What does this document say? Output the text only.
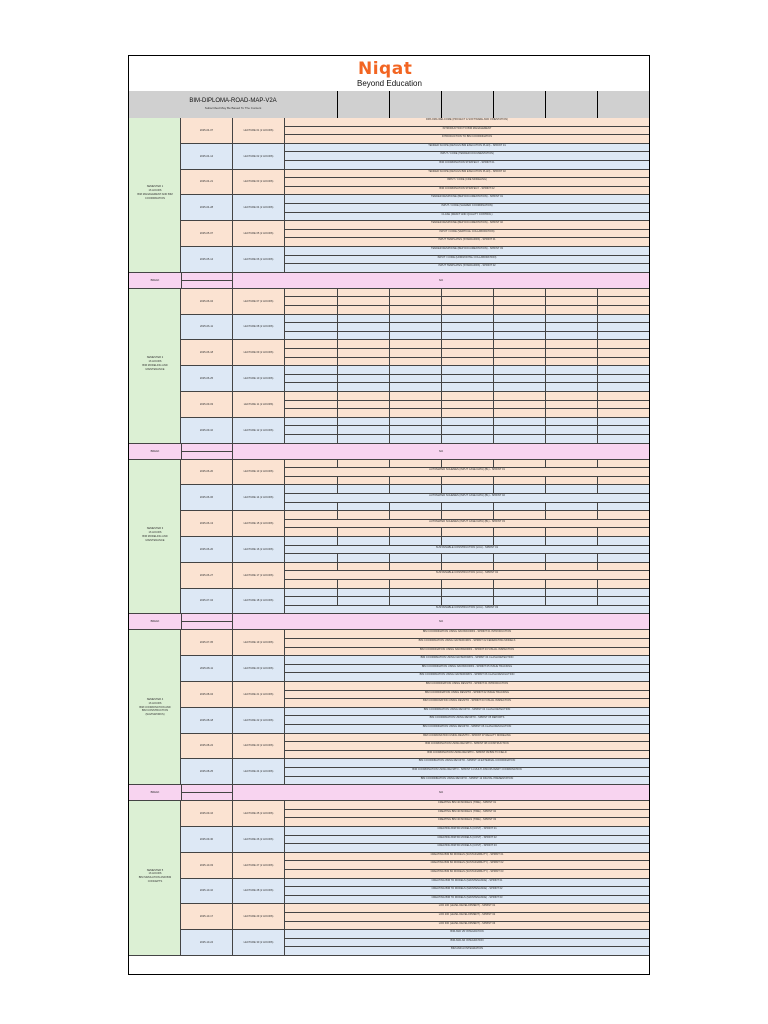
Niqat
Beyond Education
BIM-DIPLOMA-ROAD-MAP-V2A
Subscribed May Be Based To The Content
SEMESTER 1
16 HOURS
BIM MANAGEMENT AND BIM COORDINATION
2025-04-07	LECTURE 01 (2 HOURS)
DIPLOMA WELCOME (PROJECT & SOFTWARE AND ORIENTATION)
INTRODUCTION TO BIM MANAGEMENT
INTRODUCTION TO BIM COORDINATION
2025-04-14	LECTURE 02 (2 HOURS)
TENDER SCOPE (DETAILS BIM EXECUTION PLAN) - SPRINT 01
INPUT / CODE (TENDER DOCUMENTATION)
BIM COORDINATION STRATEGY - SPRINT 01
2025-04-21	LECTURE 03 (2 HOURS)
TENDER SCOPE (DETAILS BIM EXECUTION PLAN) - SPRINT 02
INPUT / CODE (CDE MODELING)
BIM COORDINATION STRATEGY - SPRINT 02
2025-04-28	LECTURE 04 (2 HOURS)
TENDER RESPONSE (BEP DOCUMENTATION) - SPRINT 01
INPUT / CODE (SHARED COORDINATION)
CLASH (DRAFT AND QUALITY CONTROL)
2025-05-07	LECTURE 05 (2 HOURS)
TENDER RESPONSE (BEP DOCUMENTATION) - SPRINT 02
INPUT / CODE (VERTICAL COLLABORATION)
INPUT TEMPLATES (STANDARDS) - SPRINT 01
2025-05-14	LECTURE 06 (2 HOURS)
TENDER RESPONSE (BEP DOCUMENTATION) - SPRINT 03
INPUT / CODE (HORIZONTAL COLLABORATION)
INPUT TEMPLATES (STANDARDS) - SPRINT 02
BREAK	N/A
SEMESTER 2
16 HOURS
BIM MODELING AND MAINTENANCE
2025-06-04	LECTURE 07 (2 HOURS)
2025-06-11	LECTURE 08 (2 HOURS)
2025-06-18	LECTURE 09 (2 HOURS)
2025-06-25	LECTURE 10 (2 HOURS)
2025-09-03	LECTURE 11 (2 HOURS)
2025-09-10	LECTURE 12 (2 HOURS)
BREAK	N/A
SEMESTER 3
16 HOURS
BIM MODELING AND MAINTENANCE
2025-06-20	LECTURE 13 (2 HOURS)
AUTOMATED SCHEMES (INPUT CASE DATA) (BL) - SPRINT 01
2025-06-06	LECTURE 14 (2 HOURS)
AUTOMATED SCHEMES (INPUT CASE DATA) (BL) - SPRINT 02
2025-06-13	LECTURE 15 (2 HOURS)
AUTOMATED SCHEMES (INPUT CASE DATA) (BL) - SPRINT 03
2025-06-20	LECTURE 16 (2 HOURS)
SUSTAINABLE CONSTRUCTION (LCA) - SPRINT 01
2025-06-27	LECTURE 17 (2 HOURS)
SUSTAINABLE CONSTRUCTION (LCA) - SPRINT 02
2025-07-04	LECTURE 18 (2 HOURS)
SUSTAINABLE CONSTRUCTION (LCA) - SPRINT 03
BREAK	N/A
SEMESTER 4
16 HOURS
BIM COORDINATION AND BIM CONSTRUCTION (NAVISWORKS)
2025-07-05	LECTURE 19 (2 HOURS)
BIM COORDINATION USING NAVISWORKS - SPRINT 01 INTRODUCTION
BIM COORDINATION USING NAVISWORKS - SPRINT 02 FEDERATING MODELS
BIM COORDINATION USING NAVISWORKS - SPRINT 03 VISUAL INSPECTION
2025-08-11	LECTURE 20 (2 HOURS)
BIM COORDINATION USING NAVISWORKS - SPRINT 04 CLASH DETECTION
BIM COORDINATION USING NAVISWORKS - SPRINT 05 ISSUE TRACKING
BIM COORDINATION USING NAVISWORKS - SPRINT 06 CLASH RESOLUTION
2025-08-04	LECTURE 21 (2 HOURS)
BIM COORDINATION USING REVIZTO - SPRINT 01 INTRODUCTION
BIM COORDINATION USING REVIZTO - SPRINT 02 ISSUE TRACKING
BIM COORDINATION USING REVIZTO - SPRINT 03 VISUAL INSPECTION
2025-08-18	LECTURE 22 (2 HOURS)
BIM COORDINATION USING REVIZTO - SPRINT 04 CLASH DETECTION
BIM COORDINATION USING REVIZTO - SPRINT 05 REPORTS
BIM COORDINATION USING REVIZTO - SPRINT 06 CLASH RESOLUTION
2025-08-22	LECTURE 23 (2 HOURS)
BIM COORDINATION USING REVIZTO - SPRINT 07 REALITY MODELING
BIM COORDINATION USING REVIZTO - SPRINT 08 CONSTRUCTION
BIM COORDINATION USING REVIZTO - SPRINT 09 BIM TO FIELD
2025-08-25	LECTURE 24 (2 HOURS)
BIM COORDINATION USING REVIZTO - SPRINT 10 EXTERNAL COORDINATION
BIM COORDINATION USING REVIZTO - SPRINT 11 MULTI-DISCIPLINARY COORDINATION
BIM COORDINATION USING REVIZTO - SPRINT 12 DIGITAL PRESENTATION
BREAK	N/A
SEMESTER 5
16 HOURS
BIM SIMULATION AND BIM CONCEPTS
2025-09-16	LECTURE 25 (2 HOURS)
CREATING BIM 4D MODELS (TIME) - SPRINT 01
CREATING BIM 4D MODELS (TIME) - SPRINT 02
CREATING BIM 4D MODELS (TIME) - SPRINT 03
2025-09-30	LECTURE 26 (2 HOURS)
CREATING BIM 5D MODELS (COST) - SPRINT 01
CREATING BIM 5D MODELS (COST) - SPRINT 02
CREATING BIM 5D MODELS (COST) - SPRINT 03
2025-10-03	LECTURE 27 (2 HOURS)
CREATING BIM 6D MODELS (SUSTAINABILITY) - SPRINT 01
CREATING BIM 6D MODELS (SUSTAINABILITY) - SPRINT 02
CREATING BIM 6D MODELS (SUSTAINABILITY) - SPRINT 03
2025-10-10	LECTURE 28 (2 HOURS)
CREATING BIM 7D MODELS (MAINTENANCE) - SPRINT 01
CREATING BIM 7D MODELS (MAINTENANCE) - SPRINT 02
CREATING BIM 7D MODELS (MAINTENANCE) - SPRINT 03
2025-10-17	LECTURE 29 (2 HOURS)
LOD 100 (LEVEL DEVELOPMENT) - SPRINT 01
LOD 200 (LEVEL DEVELOPMENT) - SPRINT 02
LOD 300 (LEVEL DEVELOPMENT) - SPRINT 03
2025-10-24	LECTURE 30 (2 HOURS)
BIM AND VR INTEGRATION
BIM AND AR INTEGRATION
BIM AND AI INTEGRATION
